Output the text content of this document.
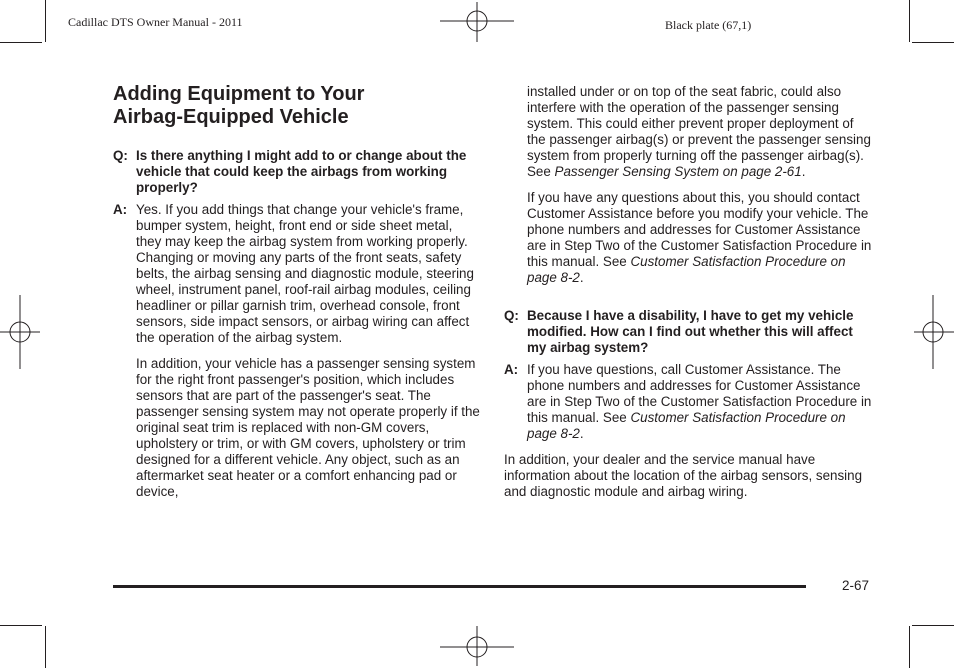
Cadillac DTS Owner Manual - 2011	Black plate (67,1)
Adding Equipment to Your
Airbag-Equipped Vehicle
Q: Is there anything I might add to or change about the vehicle that could keep the airbags from working properly?
A: Yes. If you add things that change your vehicle's frame, bumper system, height, front end or side sheet metal, they may keep the airbag system from working properly. Changing or moving any parts of the front seats, safety belts, the airbag sensing and diagnostic module, steering wheel, instrument panel, roof-rail airbag modules, ceiling headliner or pillar garnish trim, overhead console, front sensors, side impact sensors, or airbag wiring can affect the operation of the airbag system.
In addition, your vehicle has a passenger sensing system for the right front passenger's position, which includes sensors that are part of the passenger's seat. The passenger sensing system may not operate properly if the original seat trim is replaced with non-GM covers, upholstery or trim, or with GM covers, upholstery or trim designed for a different vehicle. Any object, such as an aftermarket seat heater or a comfort enhancing pad or device,
installed under or on top of the seat fabric, could also interfere with the operation of the passenger sensing system. This could either prevent proper deployment of the passenger airbag(s) or prevent the passenger sensing system from properly turning off the passenger airbag(s). See Passenger Sensing System on page 2-61.
If you have any questions about this, you should contact Customer Assistance before you modify your vehicle. The phone numbers and addresses for Customer Assistance are in Step Two of the Customer Satisfaction Procedure in this manual. See Customer Satisfaction Procedure on page 8-2.
Q: Because I have a disability, I have to get my vehicle modified. How can I find out whether this will affect my airbag system?
A: If you have questions, call Customer Assistance. The phone numbers and addresses for Customer Assistance are in Step Two of the Customer Satisfaction Procedure in this manual. See Customer Satisfaction Procedure on page 8-2.

In addition, your dealer and the service manual have information about the location of the airbag sensors, sensing and diagnostic module and airbag wiring.

2-67
